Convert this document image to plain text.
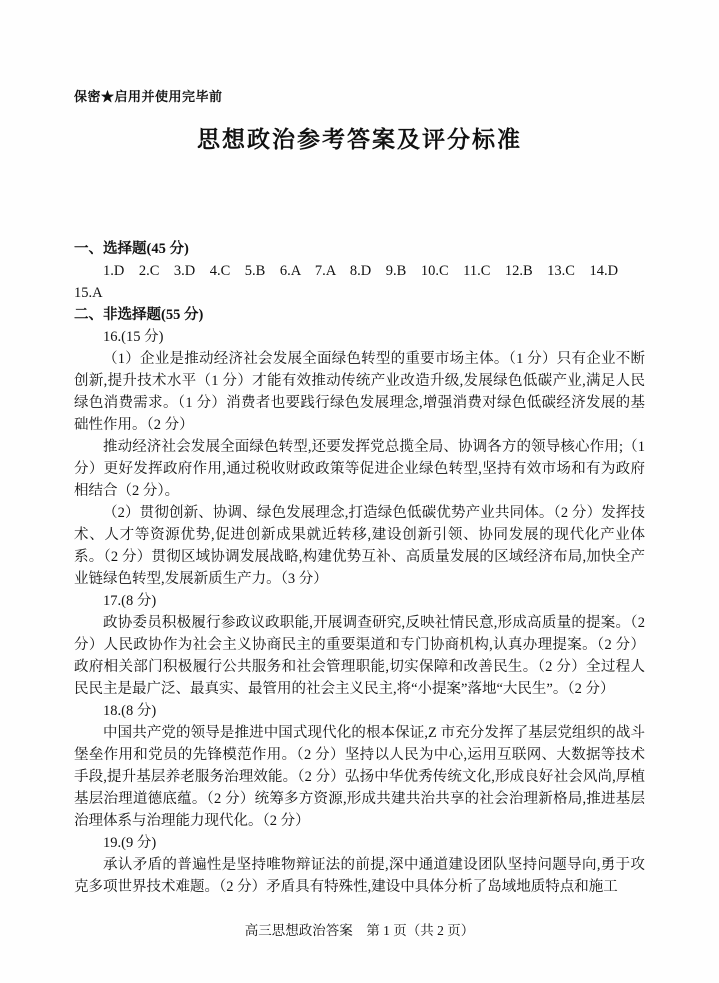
保密★启用并使用完毕前
思想政治参考答案及评分标准

一、选择题(45 分)

1.D　2.C　3.D　4.C　5.B　6.A　7.A　8.D　9.B　10.C　11.C　12.B　13.C　14.D

15.A

二、非选择题(55 分)

16.(15 分)

（1）企业是推动经济社会发展全面绿色转型的重要市场主体。（1 分）只有企业不断创新,提升技术水平（1 分）才能有效推动传统产业改造升级,发展绿色低碳产业,满足人民绿色消费需求。（1 分）消费者也要践行绿色发展理念,增强消费对绿色低碳经济发展的基础性作用。（2 分）

推动经济社会发展全面绿色转型,还要发挥党总揽全局、协调各方的领导核心作用;（1 分）更好发挥政府作用,通过税收财政政策等促进企业绿色转型,坚持有效市场和有为政府相结合（2 分）。

（2）贯彻创新、协调、绿色发展理念,打造绿色低碳优势产业共同体。（2 分）发挥技术、人才等资源优势,促进创新成果就近转移,建设创新引领、协同发展的现代化产业体系。（2 分）贯彻区域协调发展战略,构建优势互补、高质量发展的区域经济布局,加快全产业链绿色转型,发展新质生产力。（3 分）

17.(8 分)

政协委员积极履行参政议政职能,开展调查研究,反映社情民意,形成高质量的提案。（2 分）人民政协作为社会主义协商民主的重要渠道和专门协商机构,认真办理提案。（2 分）政府相关部门积极履行公共服务和社会管理职能,切实保障和改善民生。（2 分）全过程人民民主是最广泛、最真实、最管用的社会主义民主,将“小提案”落地“大民生”。（2 分）

18.(8 分)

中国共产党的领导是推进中国式现代化的根本保证,Z 市充分发挥了基层党组织的战斗堡垒作用和党员的先锋模范作用。（2 分）坚持以人民为中心,运用互联网、大数据等技术手段,提升基层养老服务治理效能。（2 分）弘扬中华优秀传统文化,形成良好社会风尚,厚植基层治理道德底蕴。（2 分）统筹多方资源,形成共建共治共享的社会治理新格局,推进基层治理体系与治理能力现代化。（2 分）

19.(9 分)

承认矛盾的普遍性是坚持唯物辩证法的前提,深中通道建设团队坚持问题导向,勇于攻克多项世界技术难题。（2 分）矛盾具有特殊性,建设中具体分析了岛域地质特点和施工

高三思想政治答案　第 1 页（共 2 页）
